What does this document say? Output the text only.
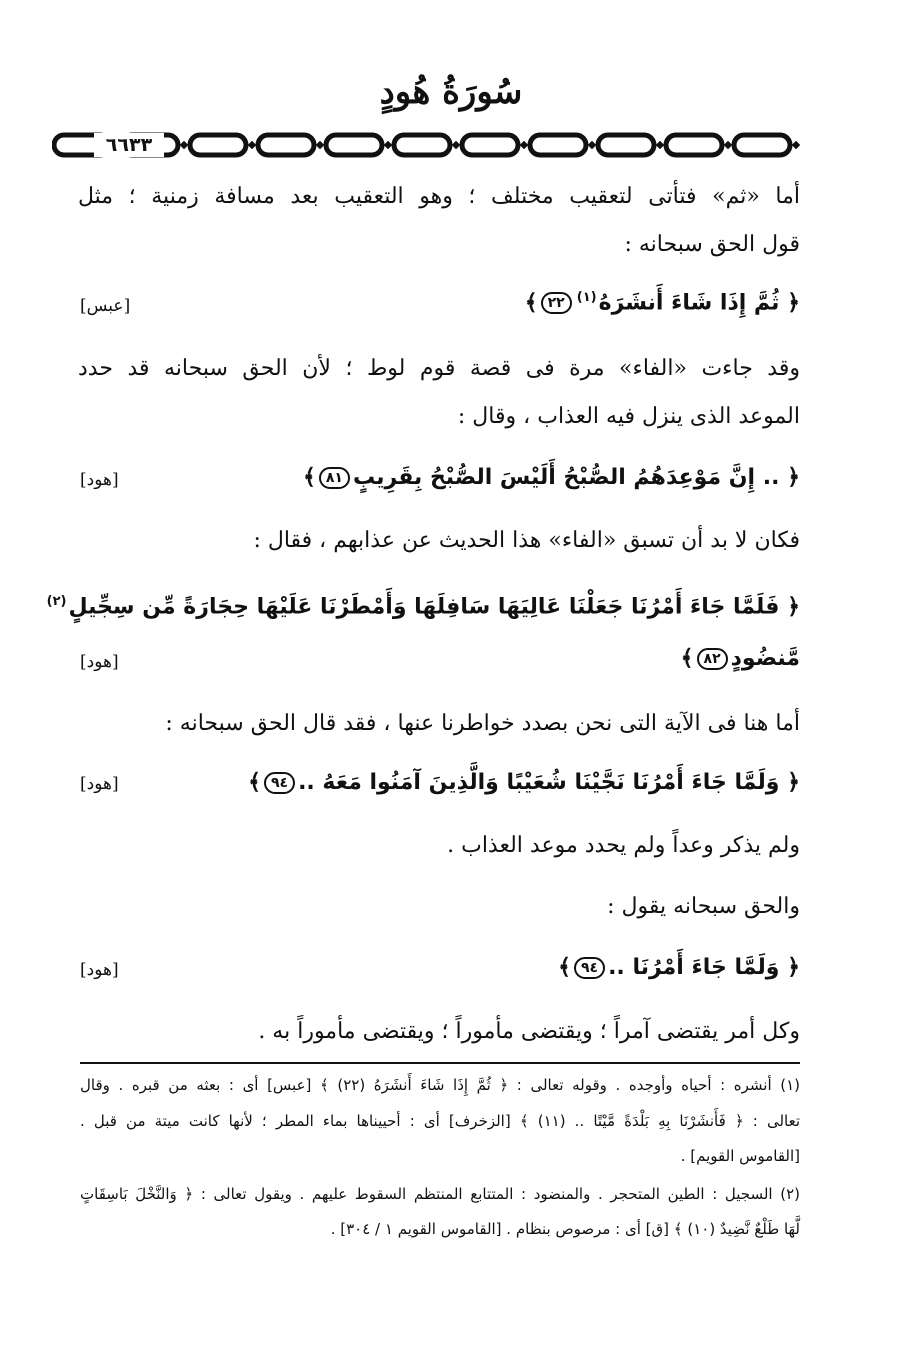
سُورَةُ هُودٍ
٦٦٣٣
أما «ثم» فتأتى لتعقيب مختلف ؛ وهو التعقيب بعد مسافة زمنية ؛ مثل
قول الحق سبحانه :
﴿ ثُمَّ إِذَا شَاءَ أَنشَرَهُ$^{(١)}$٢٢﴾
[عبس]
وقد جاءت «الفاء» مرة فى قصة قوم لوط ؛ لأن الحق سبحانه قد حدد
الموعد الذى ينزل فيه العذاب ، وقال :
﴿ .. إِنَّ مَوْعِدَهُمُ الصُّبْحُ أَلَيْسَ الصُّبْحُ بِقَرِيبٍ٨١﴾
[هود]
فكان لا بد أن تسبق «الفاء» هذا الحديث عن عذابهم ، فقال :
﴿ فَلَمَّا جَاءَ أَمْرُنَا جَعَلْنَا عَالِيَهَا سَافِلَهَا وَأَمْطَرْنَا عَلَيْهَا حِجَارَةً مِّن سِجِّيلٍ$^{(٢)}$
مَّنضُودٍ٨٢﴾
[هود]
أما هنا فى الآية التى نحن بصدد خواطرنا عنها ، فقد قال الحق سبحانه :
﴿ وَلَمَّا جَاءَ أَمْرُنَا نَجَّيْنَا شُعَيْبًا وَالَّذِينَ آمَنُوا مَعَهُ ..٩٤﴾
[هود]
ولم يذكر وعداً ولم يحدد موعد العذاب .
والحق سبحانه يقول :
﴿ وَلَمَّا جَاءَ أَمْرُنَا ..٩٤﴾
[هود]
وكل أمر يقتضى آمراً ؛ ويقتضى مأموراً ؛ ويقتضى مأموراً به .
(١) أنشره : أحياه وأوجده . وقوله تعالى : ﴿ ثُمَّ إِذَا شَاءَ أَنشَرَهُ (٢٢) ﴾ [عبس] أى : بعثه من قبره . وقال
تعالى : ﴿ فَأَنشَرْنَا بِهِ بَلْدَةً مَّيْتًا .. (١١) ﴾ [الزخرف] أى : أحييناها بماء المطر ؛ لأنها كانت ميتة من قبل .
[القاموس القويم] .
(٢) السجيل : الطين المتحجر . والمنضود : المتتابع المنتظم السقوط عليهم . ويقول تعالى : ﴿ وَالنَّخْلَ بَاسِقَاتٍ
لَّهَا طَلْعٌ نَّضِيدٌ (١٠) ﴾ [ق] أى : مرصوص بنظام . [القاموس القويم ١ / ٣٠٤] .
